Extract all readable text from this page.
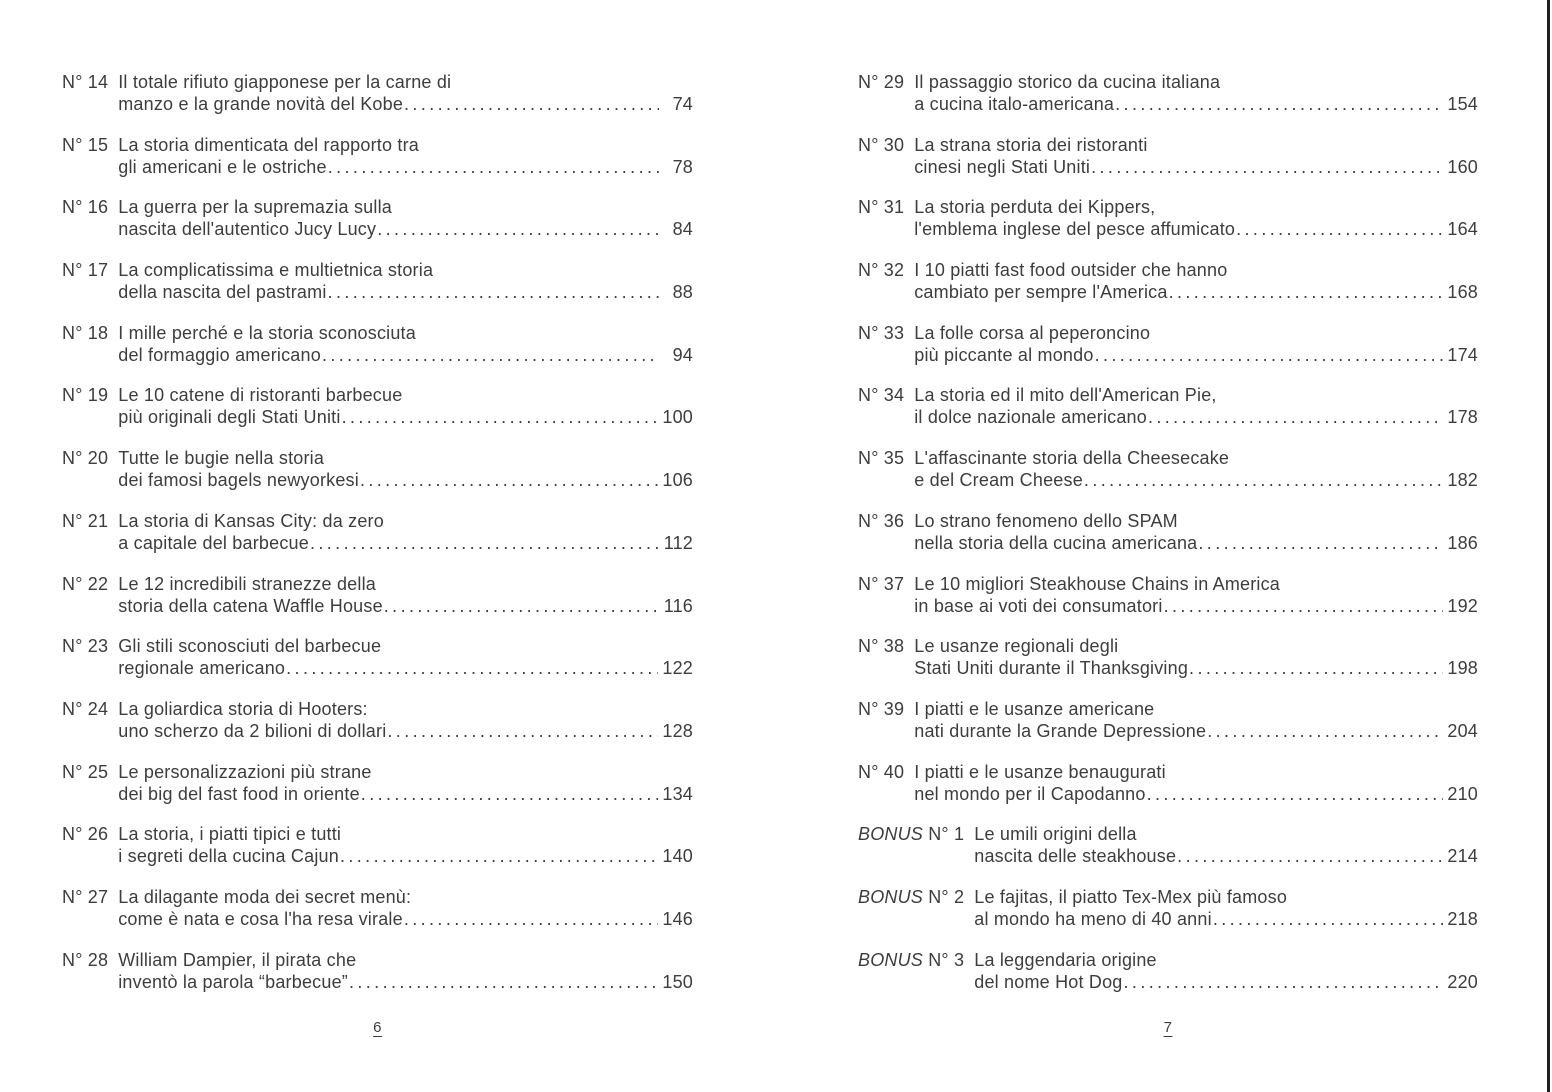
N° 14 Il totale rifiuto giapponese per la carne di
manzo e la grande novità del Kobe .....	74
N° 15 La storia dimenticata del rapporto tra
gli americani e le ostriche .....	78
N° 16 La guerra per la supremazia sulla
nascita dell'autentico Jucy Lucy .....	84
N° 17 La complicatissima e multietnica storia
della nascita del pastrami .....	88
N° 18 I mille perché e la storia sconosciuta
del formaggio americano .....	94
N° 19 Le 10 catene di ristoranti barbecue
più originali degli Stati Uniti .....	100
N° 20 Tutte le bugie nella storia
dei famosi bagels newyorkesi .....	106
N° 21 La storia di Kansas City: da zero
a capitale del barbecue .....	112
N° 22 Le 12 incredibili stranezze della
storia della catena Waffle House .....	116
N° 23 Gli stili sconosciuti del barbecue
regionale americano .....	122
N° 24 La goliardica storia di Hooters:
uno scherzo da 2 bilioni di dollari .....	128
N° 25 Le personalizzazioni più strane
dei big del fast food in oriente .....	134
N° 26 La storia, i piatti tipici e tutti
i segreti della cucina Cajun .....	140
N° 27 La dilagante moda dei secret menù:
come è nata e cosa l'ha resa virale .....	146
N° 28 William Dampier, il pirata che
inventò la parola “barbecue” .....	150
6
N° 29 Il passaggio storico da cucina italiana
a cucina italo-americana .....	154
N° 30 La strana storia dei ristoranti
cinesi negli Stati Uniti .....	160
N° 31 La storia perduta dei Kippers,
l'emblema inglese del pesce affumicato .....	164
N° 32 I 10 piatti fast food outsider che hanno
cambiato per sempre l'America .....	168
N° 33 La folle corsa al peperoncino
più piccante al mondo .....	174
N° 34 La storia ed il mito dell'American Pie,
il dolce nazionale americano .....	178
N° 35 L'affascinante storia della Cheesecake
e del Cream Cheese .....	182
N° 36 Lo strano fenomeno dello SPAM
nella storia della cucina americana .....	186
N° 37 Le 10 migliori Steakhouse Chains in America
in base ai voti dei consumatori .....	192
N° 38 Le usanze regionali degli
Stati Uniti durante il Thanksgiving .....	198
N° 39 I piatti e le usanze americane
nati durante la Grande Depressione .....	204
N° 40 I piatti e le usanze benaugurati
nel mondo per il Capodanno .....	210
BONUS N° 1 Le umili origini della
nascita delle steakhouse .....	214
BONUS N° 2 Le fajitas, il piatto Tex-Mex più famoso
al mondo ha meno di 40 anni .....	218
BONUS N° 3 La leggendaria origine
del nome Hot Dog .....	220
7
